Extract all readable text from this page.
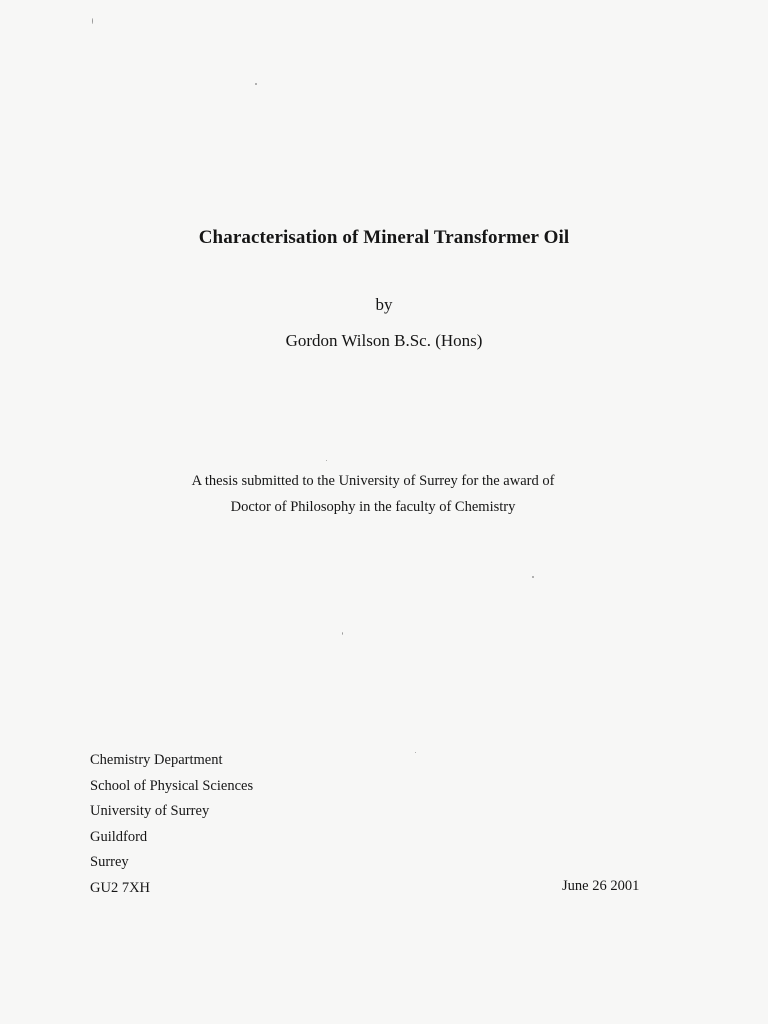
Characterisation of Mineral Transformer Oil
by
Gordon Wilson B.Sc. (Hons)
A thesis submitted to the University of Surrey for the award of
Doctor of Philosophy in the faculty of Chemistry
Chemistry Department
School of Physical Sciences
University of Surrey
Guildford
Surrey
GU2 7XH	June 26 2001
